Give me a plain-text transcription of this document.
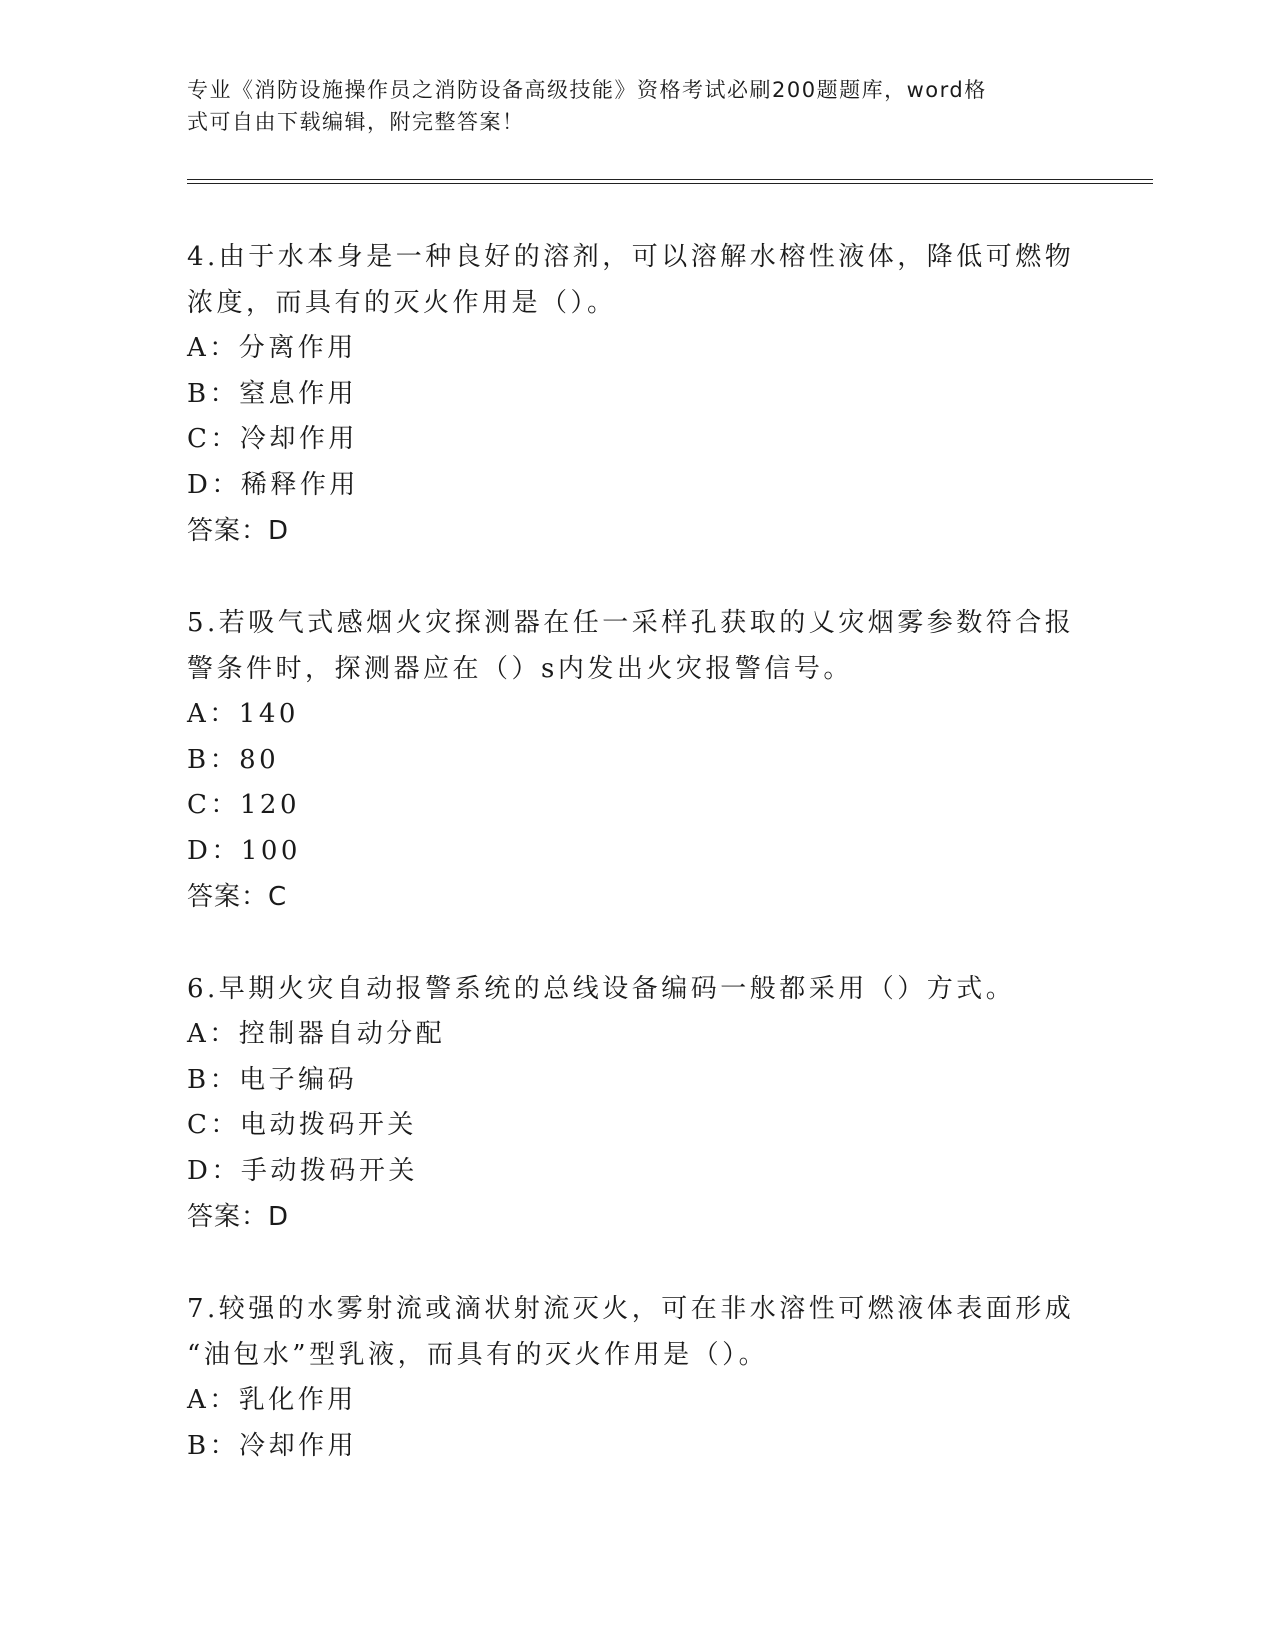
专业《消防设施操作员之消防设备高级技能》资格考试必刷200题题库，word格
式可自由下载编辑，附完整答案！
4.由于水本身是一种良好的溶剂，可以溶解水榕性液体，降低可燃物
浓度，而具有的灭火作用是（）。
A：分离作用
B：窒息作用
C：冷却作用
D：稀释作用
答案：D
5.若吸气式感烟火灾探测器在任一采样孔获取的乂灾烟雾参数符合报
警条件时，探测器应在（）s内发出火灾报警信号。
A：140
B：80
C：120
D：100
答案：C
6.早期火灾自动报警系统的总线设备编码一般都采用（）方式。
A：控制器自动分配
B：电子编码
C：电动拨码开关
D：手动拨码开关
答案：D
7.较强的水雾射流或滴状射流灭火，可在非水溶性可燃液体表面形成
“油包水”型乳液，而具有的灭火作用是（）。
A：乳化作用
B：冷却作用
